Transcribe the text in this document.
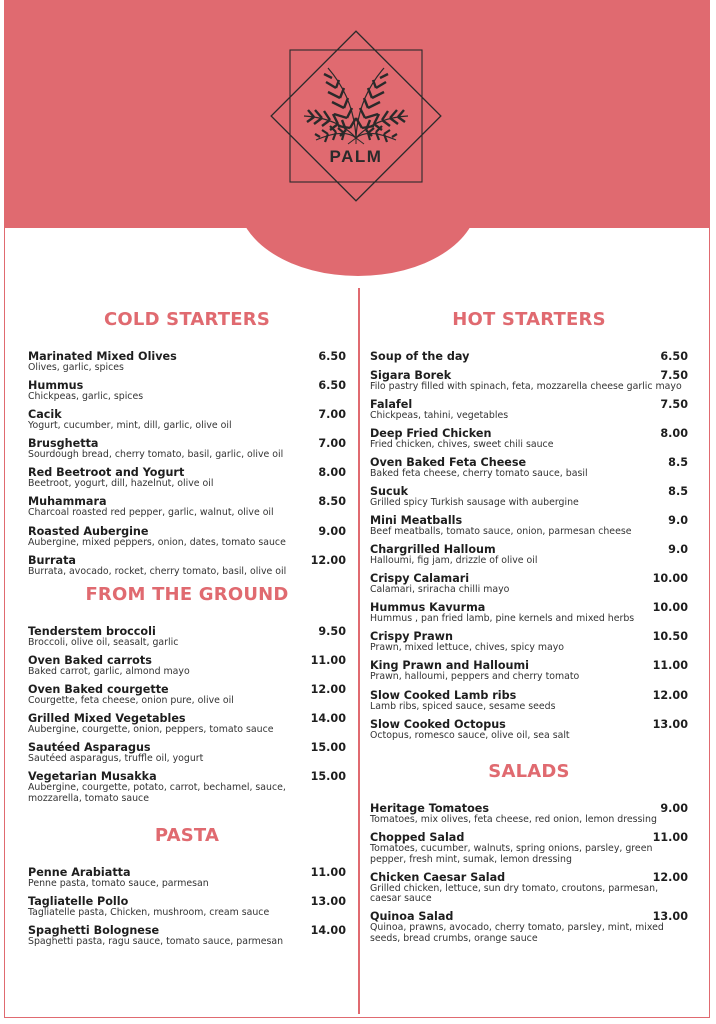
PALM
COLD STARTERS
Marinated Mixed Olives	6.50
Olives, garlic, spices
Hummus	6.50
Chickpeas, garlic, spices
Cacik	7.00
Yogurt, cucumber, mint, dill, garlic, olive oil
Brusghetta	7.00
Sourdough bread, cherry tomato, basil, garlic, olive oil
Red Beetroot and Yogurt	8.00
Beetroot, yogurt, dill, hazelnut, olive oil
Muhammara	8.50
Charcoal roasted red pepper, garlic, walnut, olive oil
Roasted Aubergine	9.00
Aubergine, mixed peppers, onion, dates, tomato sauce
Burrata	12.00
Burrata, avocado, rocket, cherry tomato, basil, olive oil
FROM THE GROUND
Tenderstem broccoli	9.50
Broccoli, olive oil, seasalt, garlic
Oven Baked carrots	11.00
Baked carrot, garlic, almond mayo
Oven Baked courgette	12.00
Courgette, feta cheese, onion pure, olive oil
Grilled Mixed Vegetables	14.00
Aubergine, courgette, onion, peppers, tomato sauce
Sautéed Asparagus	15.00
Sautéed asparagus, truffle oil, yogurt
Vegetarian Musakka	15.00
Aubergine, courgette, potato, carrot, bechamel, sauce, mozzarella, tomato sauce
PASTA
Penne Arabiatta	11.00
Penne pasta, tomato sauce, parmesan
Tagliatelle Pollo	13.00
Tagliatelle pasta, Chicken, mushroom, cream sauce
Spaghetti Bolognese	14.00
Spaghetti pasta, ragu sauce, tomato sauce, parmesan
HOT STARTERS
Soup of the day	6.50
Sigara Borek	7.50
Filo pastry filled with spinach, feta, mozzarella cheese garlic mayo
Falafel	7.50
Chickpeas, tahini, vegetables
Deep Fried Chicken	8.00
Fried chicken, chives, sweet chili sauce
Oven Baked Feta Cheese	8.5
Baked feta cheese, cherry tomato sauce, basil
Sucuk	8.5
Grilled spicy Turkish sausage with aubergine
Mini Meatballs	9.0
Beef meatballs, tomato sauce, onion, parmesan cheese
Chargrilled Halloum	9.0
Halloumi, fig jam, drizzle of olive oil
Crispy Calamari	10.00
Calamari, sriracha chilli mayo
Hummus Kavurma	10.00
Hummus , pan fried lamb, pine kernels and mixed herbs
Crispy Prawn	10.50
Prawn, mixed lettuce, chives, spicy mayo
King Prawn and Halloumi	11.00
Prawn, halloumi, peppers and cherry tomato
Slow Cooked Lamb ribs	12.00
Lamb ribs, spiced sauce, sesame seeds
Slow Cooked Octopus	13.00
Octopus, romesco sauce, olive oil, sea salt
SALADS
Heritage Tomatoes	9.00
Tomatoes, mix olives, feta cheese, red onion, lemon dressing
Chopped Salad	11.00
Tomatoes, cucumber, walnuts, spring onions, parsley, green pepper, fresh mint, sumak, lemon dressing
Chicken Caesar Salad	12.00
Grilled chicken, lettuce, sun dry tomato, croutons, parmesan, caesar sauce
Quinoa Salad	13.00
Quinoa, prawns, avocado, cherry tomato, parsley, mint, mixed seeds, bread crumbs, orange sauce
